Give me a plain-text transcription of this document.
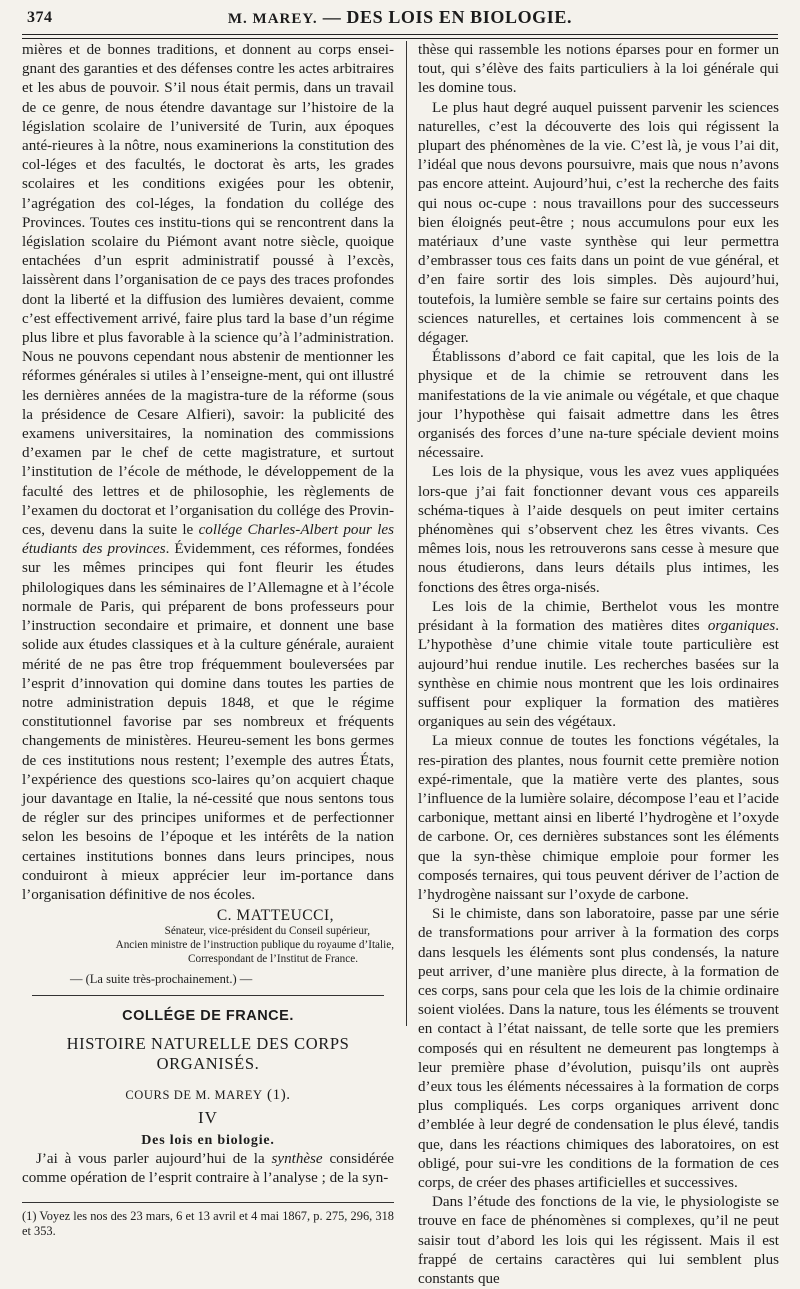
374	M. MAREY. — DES LOIS EN BIOLOGIE.

mières et de bonnes traditions, et donnent au corps ensei-gnant des garanties et des défenses contre les actes arbitraires et les abus de pouvoir. S’il nous était permis, dans un travail de ce genre, de nous étendre davantage sur l’histoire de la législation scolaire de l’université de Turin, aux époques anté-rieures à la nôtre, nous examinerions la constitution des col-léges et des facultés, le doctorat ès arts, les grades scolaires et les conditions exigées pour les obtenir, l’agrégation des col-léges, la fondation du collége des Provinces. Toutes ces institu-tions qui se rencontrent dans la législation scolaire du Piémont avant notre siècle, quoique entachées d’un esprit administratif poussé à l’excès, laissèrent dans l’organisation de ce pays des traces profondes dont la liberté et la diffusion des lumières devaient, comme c’est effectivement arrivé, faire plus tard la base d’un régime plus libre et plus favorable à la science qu’à l’administration. Nous ne pouvons cependant nous abstenir de mentionner les réformes générales si utiles à l’enseigne-ment, qui ont illustré les dernières années de la magistra-ture de la réforme (sous la présidence de Cesare Alfieri), savoir: la publicité des examens universitaires, la nomination des commissions d’examen par le chef de cette magistrature, et surtout l’institution de l’école de méthode, le développement de la faculté des lettres et de philosophie, les règlements de l’examen du doctorat et l’organisation du collége des Provin-ces, devenu dans la suite le collége Charles-Albert pour les étudiants des provinces. Évidemment, ces réformes, fondées sur les mêmes principes qui font fleurir les études philologiques dans les séminaires de l’Allemagne et à l’école normale de Paris, qui préparent de bons professeurs pour l’instruction secondaire et primaire, et donnent une base solide aux études classiques et à la culture générale, auraient mérité de ne pas être trop fréquemment bouleversées par l’esprit d’innovation qui domine dans toutes les parties de notre administration depuis 1848, et que le régime constitutionnel favorise par ses nombreux et fréquents changements de ministères. Heureu-sement les bons germes de ces institutions nous restent; l’exemple des autres États, l’expérience des questions sco-laires qu’on acquiert chaque jour davantage en Italie, la né-cessité que nous sentons tous de régler sur des principes uniformes et de perfectionner selon les besoins de l’époque et les intérêts de la nation certaines institutions bonnes dans leurs principes, nous conduiront à mieux apprécier leur im-portance dans l’organisation définitive de nos écoles.

C. MATTEUCCI,
Sénateur, vice-président du Conseil supérieur,
Ancien ministre de l’instruction publique du royaume d’Italie,
Correspondant de l’Institut de France.
— (La suite très-prochainement.) —
COLLÉGE DE FRANCE.
HISTOIRE NATURELLE DES CORPS ORGANISÉS.
COURS DE M. MAREY (1).
IV
Des lois en biologie.

J’ai à vous parler aujourd’hui de la synthèse considérée comme opération de l’esprit contraire à l’analyse ; de la syn-

(1) Voyez les nos des 23 mars, 6 et 13 avril et 4 mai 1867, p. 275, 296, 318 et 353.

thèse qui rassemble les notions éparses pour en former un tout, qui s’élève des faits particuliers à la loi générale qui les domine tous.

Le plus haut degré auquel puissent parvenir les sciences naturelles, c’est la découverte des lois qui régissent la plupart des phénomènes de la vie. C’est là, je vous l’ai dit, l’idéal que nous devons poursuivre, mais que nous n’avons pas encore atteint. Aujourd’hui, c’est la recherche des faits qui nous oc-cupe : nous travaillons pour des successeurs bien éloignés peut-être ; nous accumulons pour eux les matériaux d’une vaste synthèse qui leur permettra d’embrasser tous ces faits dans un point de vue général, et d’en faire sortir des lois simples. Dès aujourd’hui, toutefois, la lumière semble se faire sur certains points des sciences naturelles, et certaines lois commencent à se dégager.

Établissons d’abord ce fait capital, que les lois de la physique et de la chimie se retrouvent dans les manifestations de la vie animale ou végétale, et que chaque jour l’hypothèse qui faisait admettre dans les êtres organisés des forces d’une na-ture spéciale devient moins nécessaire.

Les lois de la physique, vous les avez vues appliquées lors-que j’ai fait fonctionner devant vous ces appareils schéma-tiques à l’aide desquels on peut imiter certains phénomènes qui s’observent chez les êtres vivants. Ces mêmes lois, nous les retrouverons sans cesse à mesure que nous étudierons, dans leurs détails plus intimes, les fonctions des êtres orga-nisés.

Les lois de la chimie, Berthelot vous les montre présidant à la formation des matières dites organiques. L’hypothèse d’une chimie vitale toute particulière est aujourd’hui rendue inutile. Les recherches basées sur la synthèse en chimie nous montrent que les lois ordinaires suffisent pour expliquer la formation des matières organiques au sein des végétaux.

La mieux connue de toutes les fonctions végétales, la res-piration des plantes, nous fournit cette première notion expé-rimentale, que la matière verte des plantes, sous l’influence de la lumière solaire, décompose l’eau et l’acide carbonique, mettant ainsi en liberté l’hydrogène et l’oxyde de carbone. Or, ces dernières substances sont les éléments que la syn-thèse chimique emploie pour former les composés ternaires, qui tous peuvent dériver de l’action de l’hydrogène naissant sur l’oxyde de carbone.

Si le chimiste, dans son laboratoire, passe par une série de transformations pour arriver à la formation des corps dans lesquels les éléments sont plus condensés, la nature peut arriver, d’une manière plus directe, à la formation de ces corps, sans pour cela que les lois de la chimie ordinaire soient violées. Dans la nature, tous les éléments se trouvent en contact à l’état naissant, de telle sorte que les premiers composés qui en résultent ne demeurent pas longtemps à leur première phase d’évolution, puisqu’ils ont auprès d’eux tous les éléments nécessaires à la formation de corps plus compliqués. Les corps organiques arrivent donc d’emblée à leur degré de condensation le plus élevé, tandis que, dans les réactions chimiques des laboratoires, on est obligé, pour sui-vre les conditions de la formation de ces corps, de créer des phases artificielles et successives.

Dans l’étude des fonctions de la vie, le physiologiste se trouve en face de phénomènes si complexes, qu’il ne peut saisir tout d’abord les lois qui les régissent. Mais il est frappé de certains caractères qui lui semblent plus constants que
